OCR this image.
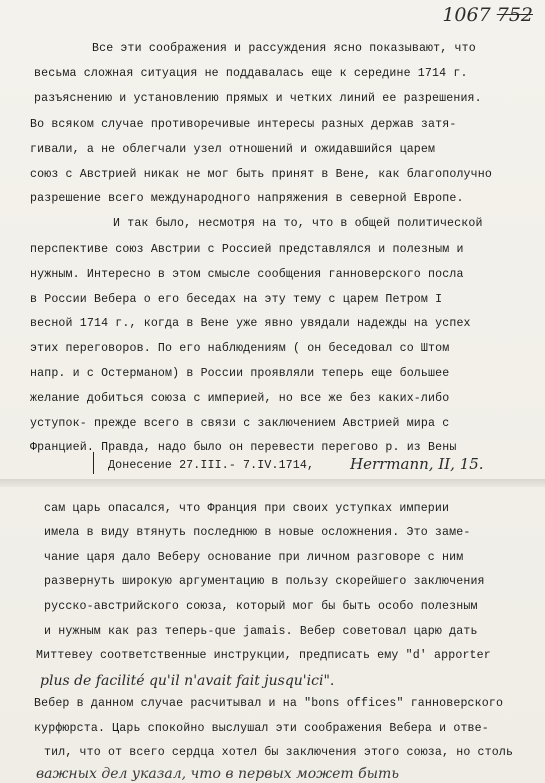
1067 752
Все эти соображения и рассуждения ясно показывают, что
весьма сложная ситуация не поддавалась еще к середине 1714 г.
разъяснению и установлению прямых и четких линий ее разрешения.
Во всяком случае противоречивые интересы разных держав затя-
гивали, а не облегчали узел отношений и ожидавшийся царем
союз с Австрией никак не мог быть принят в Вене, как благополучно
разрешение всего международного напряжения в северной Европе.
И так было, несмотря на то, что в общей политической
перспективе союз Австрии с Россией представлялся и полезным и
нужным. Интересно в этом смысле сообщения ганноверского посла
в России Вебера о его беседах на эту тему с царем Петром I
весной 1714 г., когда в Вене уже явно увядали надежды на успех
этих переговоров. По его наблюдениям ( он беседовал со Штом
напр. и с Остерманом) в России проявляли теперь еще большее
желание добиться союза с империей, но все же без каких-либо
уступок- прежде всего в связи с заключением Австрией мира с
Францией. Правда, надо было он перевести перегово р. из Вены
Донесение 27.III.- 7.IV.1714, Herrmann, II, 15.
сам царь опасался, что Франция при своих уступках империи
имела в виду втянуть последнюю в новые осложнения. Это заме-
чание царя дало Веберу основание при личном разговоре с ним
развернуть широкую аргументацию в пользу скорейшего заключения
русско-австрийского союза, который мог бы быть особо полезным
и нужным как раз теперь-que jamais. Вебер советовал царю дать
Миттевеу соответственные инструкции, предписать ему "d' apporter
plus de facilité qu'il n'avait fait jusqu'ici".
Вебер в данном случае расчитывал и на "bons offices" ганноверского
курфюрста. Царь спокойно выслушал эти соображения Вебера и отве-
тил, что от всего сердца хотел бы заключения этого союза, но столь
важных дел указал, что в первых может быть
